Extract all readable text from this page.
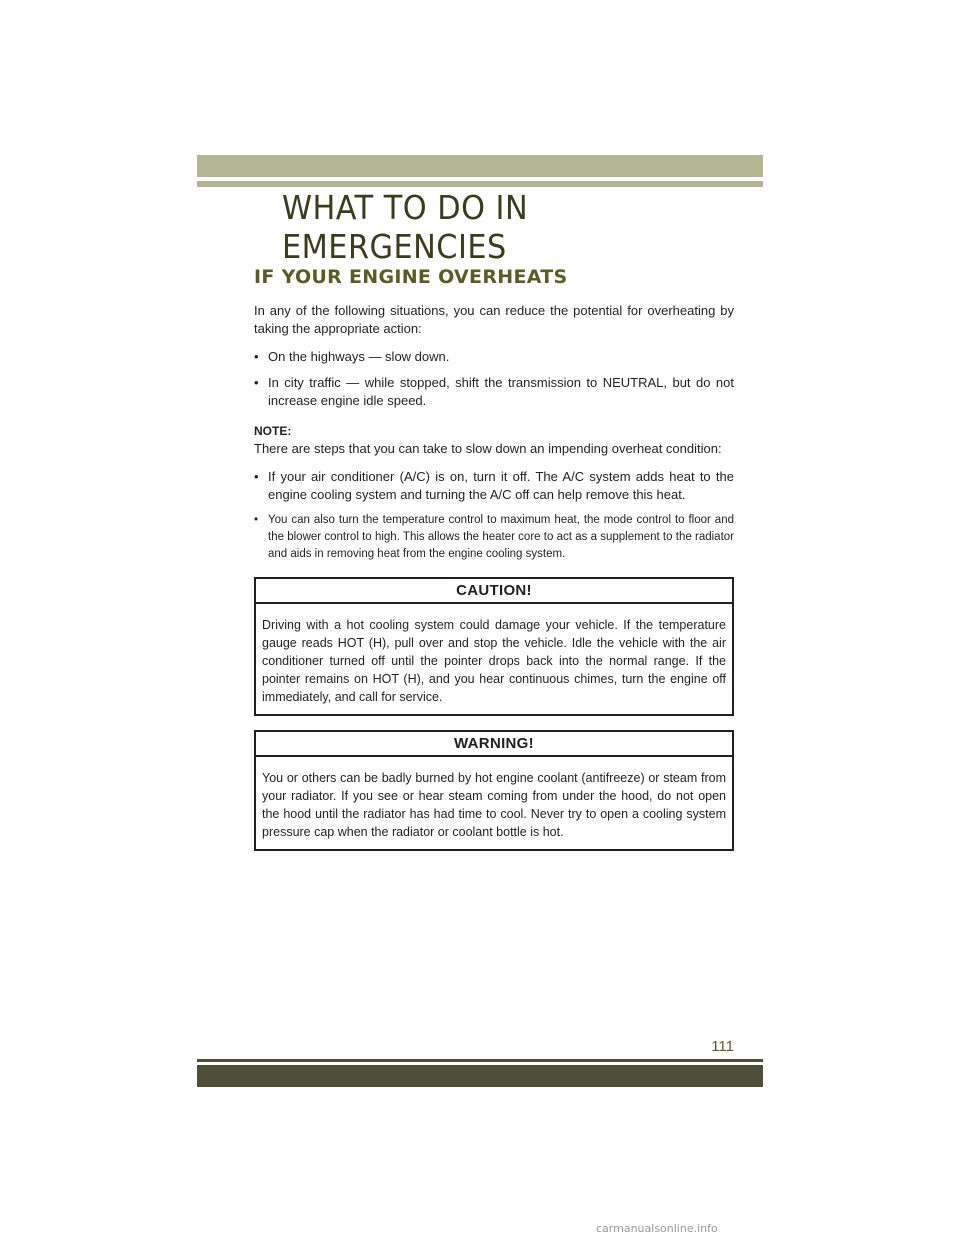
WHAT TO DO IN EMERGENCIES
IF YOUR ENGINE OVERHEATS

In any of the following situations, you can reduce the potential for overheating by taking the appropriate action:

• On the highways — slow down.
• In city traffic — while stopped, shift the transmission to NEUTRAL, but do not increase engine idle speed.

NOTE:

There are steps that you can take to slow down an impending overheat condition:

• If your air conditioner (A/C) is on, turn it off. The A/C system adds heat to the engine cooling system and turning the A/C off can help remove this heat.
• You can also turn the temperature control to maximum heat, the mode control to floor and the blower control to high. This allows the heater core to act as a supplement to the radiator and aids in removing heat from the engine cooling system.
CAUTION!

Driving with a hot cooling system could damage your vehicle. If the temperature gauge reads HOT (H), pull over and stop the vehicle. Idle the vehicle with the air conditioner turned off until the pointer drops back into the normal range. If the pointer remains on HOT (H), and you hear continuous chimes, turn the engine off immediately, and call for service.

WARNING!

You or others can be badly burned by hot engine coolant (antifreeze) or steam from your radiator. If you see or hear steam coming from under the hood, do not open the hood until the radiator has had time to cool. Never try to open a cooling system pressure cap when the radiator or coolant bottle is hot.

111
carmanualsonline.info
